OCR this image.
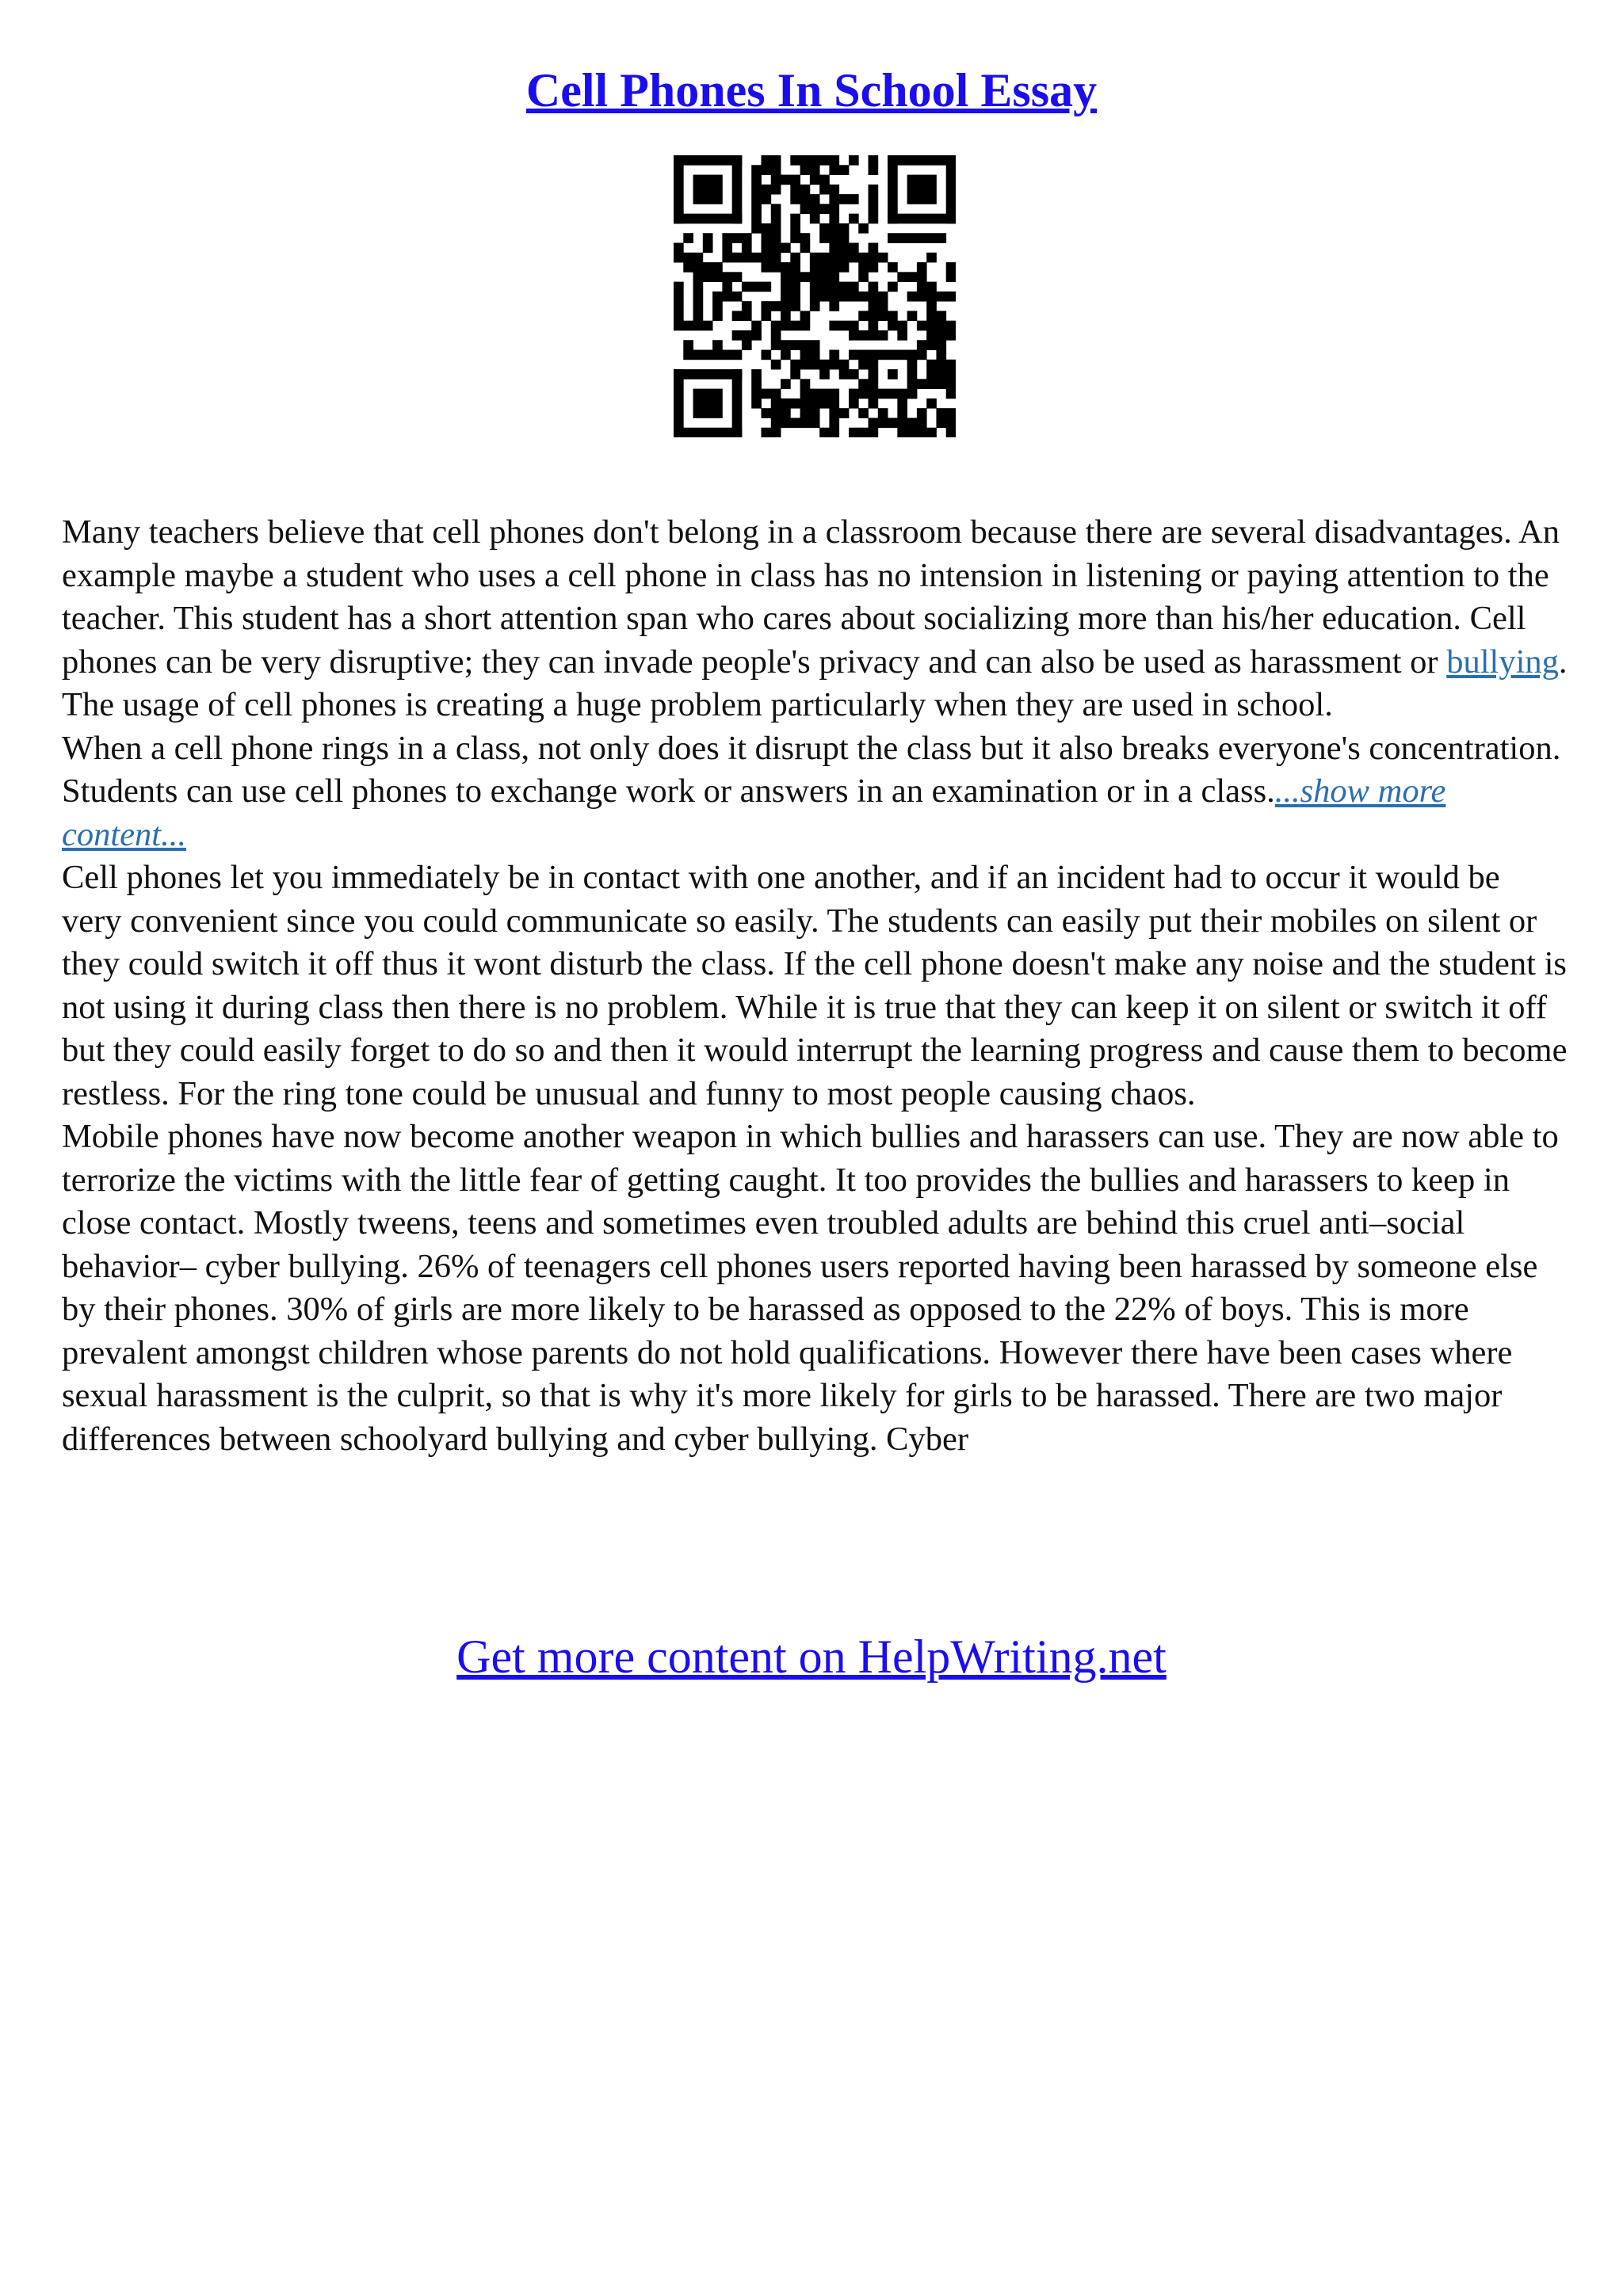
Cell Phones In School Essay

Many teachers believe that cell phones don't belong in a classroom because there are several disadvantages. An example maybe a student who uses a cell phone in class has no intension in listening or paying attention to the teacher. This student has a short attention span who cares about socializing more than his/her education. Cell phones can be very disruptive; they can invade people's privacy and can also be used as harassment or bullying. The usage of cell phones is creating a huge problem particularly when they are used in school.

When a cell phone rings in a class, not only does it disrupt the class but it also breaks everyone's concentration. Students can use cell phones to exchange work or answers in an examination or in a class....show more content...

Cell phones let you immediately be in contact with one another, and if an incident had to occur it would be very convenient since you could communicate so easily. The students can easily put their mobiles on silent or they could switch it off thus it wont disturb the class. If the cell phone doesn't make any noise and the student is not using it during class then there is no problem. While it is true that they can keep it on silent or switch it off but they could easily forget to do so and then it would interrupt the learning progress and cause them to become restless. For the ring tone could be unusual and funny to most people causing chaos.

Mobile phones have now become another weapon in which bullies and harassers can use. They are now able to terrorize the victims with the little fear of getting caught. It too provides the bullies and harassers to keep in close contact. Mostly tweens, teens and sometimes even troubled adults are behind this cruel anti–social behavior– cyber bullying. 26% of teenagers cell phones users reported having been harassed by someone else by their phones. 30% of girls are more likely to be harassed as opposed to the 22% of boys. This is more prevalent amongst children whose parents do not hold qualifications. However there have been cases where sexual harassment is the culprit, so that is why it's more likely for girls to be harassed. There are two major differences between schoolyard bullying and cyber bullying. Cyber

Get more content on HelpWriting.net
